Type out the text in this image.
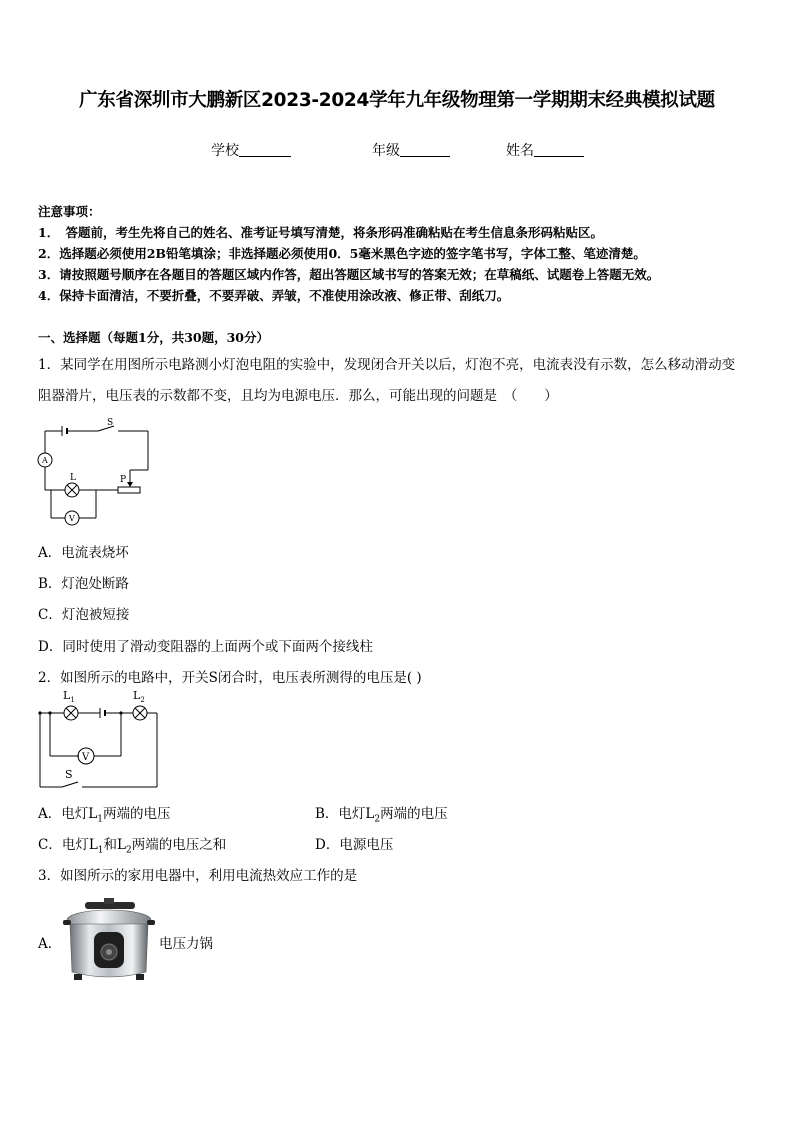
广东省深圳市大鹏新区2023-2024学年九年级物理第一学期期末经典模拟试题
学校	年级	姓名
注意事项：
1．　答题前，考生先将自己的姓名、准考证号填写清楚，将条形码准确粘贴在考生信息条形码粘贴区。
2．选择题必须使用2B铅笔填涂；非选择题必须使用0．5毫米黑色字迹的签字笔书写，字体工整、笔迹清楚。
3．请按照题号顺序在各题目的答题区域内作答，超出答题区域书写的答案无效；在草稿纸、试题卷上答题无效。
4．保持卡面清洁，不要折叠，不要弄破、弄皱，不准使用涂改液、修正带、刮纸刀。
一、选择题（每题1分，共30题，30分）
1．某同学在用图所示电路测小灯泡电阻的实验中，发现闭合开关以后，灯泡不亮，电流表没有示数，怎么移动滑动变
阻器滑片，电压表的示数都不变，且均为电源电压．那么，可能出现的问题是　（　　）
S
L	P
A
V
A．电流表烧坏
B．灯泡处断路
C．灯泡被短接
D．同时使用了滑动变阻器的上面两个或下面两个接线柱
2．如图所示的电路中，开关S闭合时，电压表所测得的电压是( )
$L_1$	$L_2$
V
S
A．电灯$L_1$两端的电压	B．电灯$L_2$两端的电压
C．电灯$L_1$和$L_2$两端的电压之和	D．电源电压
3．如图所示的家用电器中，利用电流热效应工作的是
A．	电压力锅
